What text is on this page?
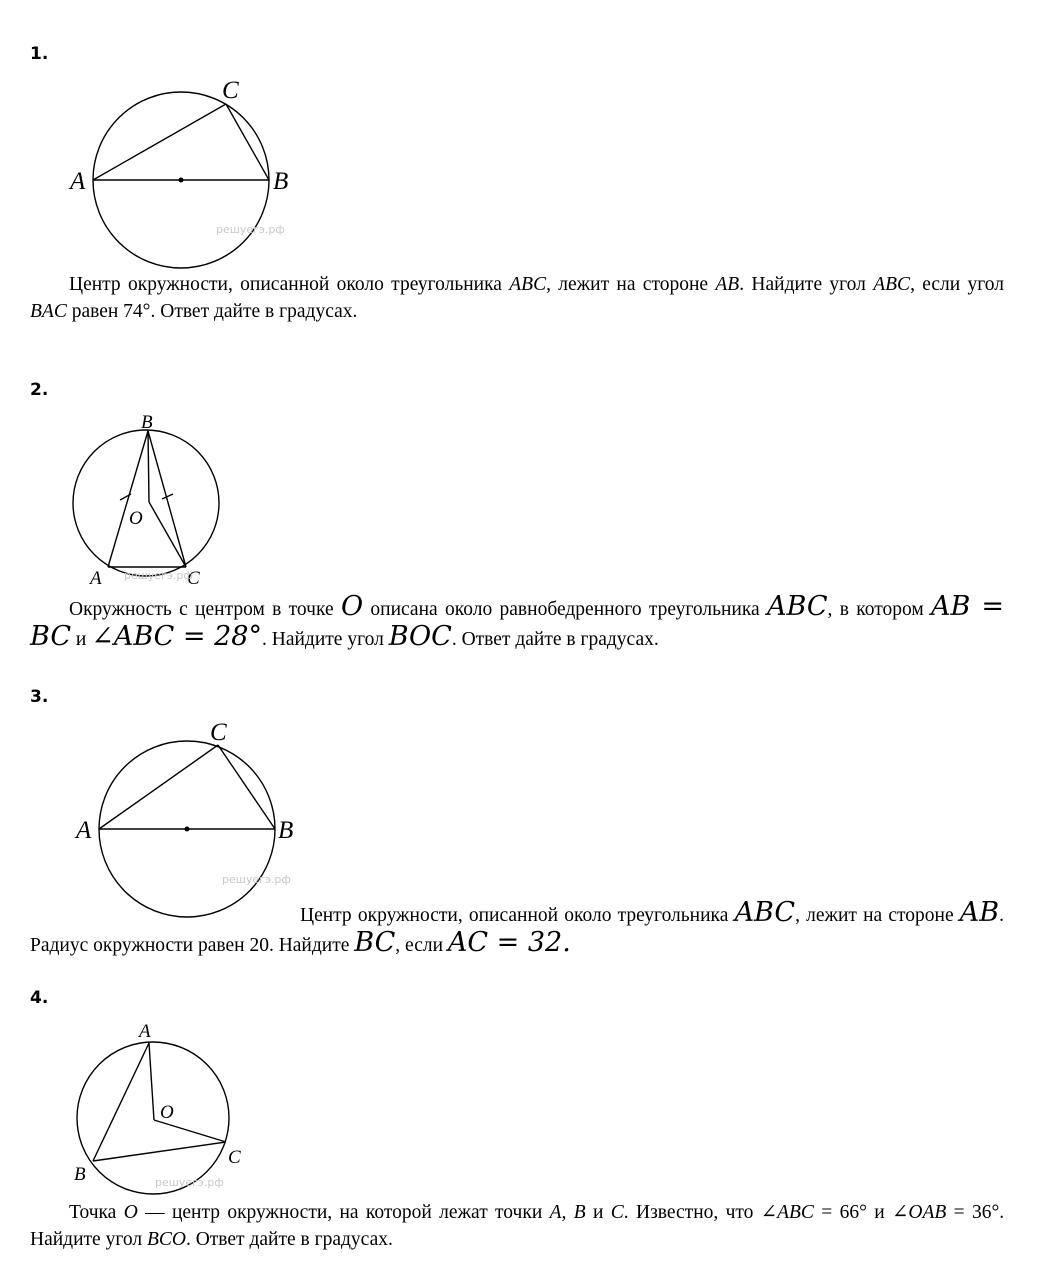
1.
C
A	B
решуегэ.рф
Центр окружности, описанной около треугольника ABC, лежит на стороне AB. Найдите угол ABC, если угол BAC равен 74°. Ответ дайте в градусах.
2.
B
O
A	C
решуегэ.рф
Окружность с центром в точке O описана около равнобедренного треугольника ABC, в котором AB = BC и ∠ABC = 28°. Найдите угол BOC. Ответ дайте в градусах.
3.
C
A	B
решуегэ.рф
Центр окружности, описанной около треугольника ABC, лежит на стороне AB. Радиус окружности равен 20. Найдите BC, если AC = 32.
4.
A
O
B
C
решуегэ.рф
Точка O — центр окружности, на которой лежат точки A, B и C. Известно, что ∠ABC = 66° и ∠OAB = 36°. Найдите угол BCO. Ответ дайте в градусах.
